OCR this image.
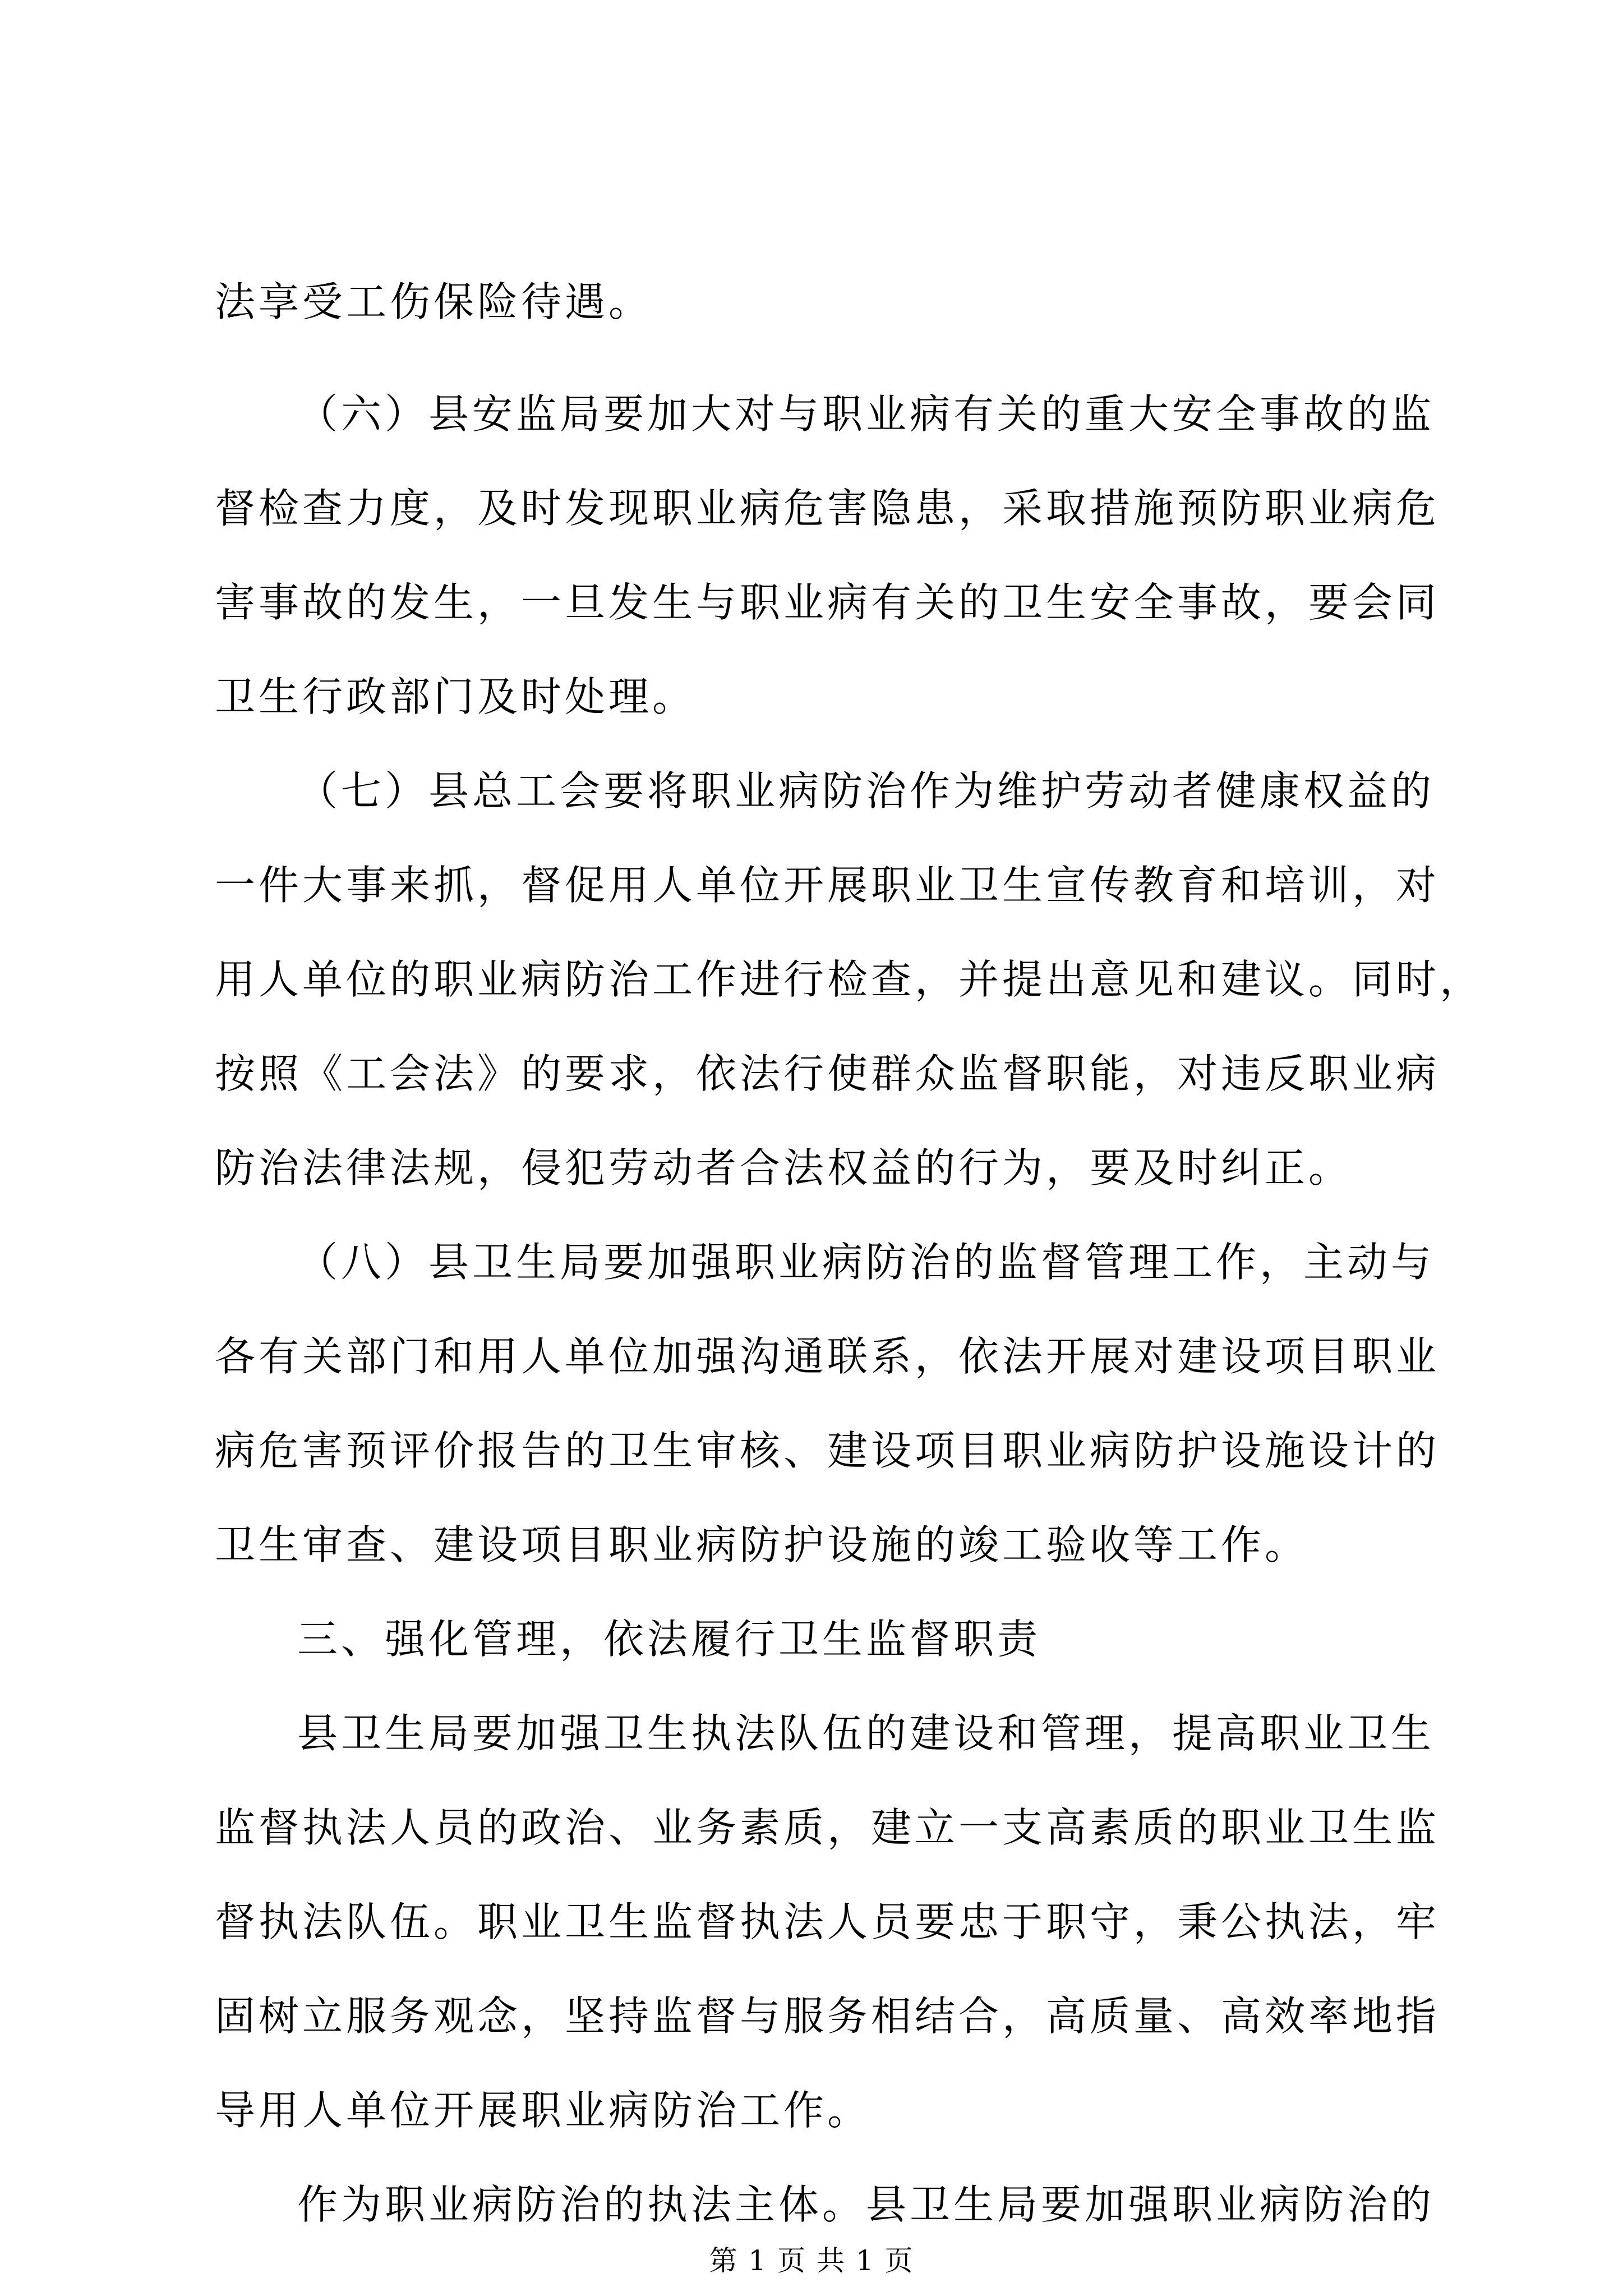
法享受工伤保险待遇。
（六）县安监局要加大对与职业病有关的重大安全事故的监
督检查力度，及时发现职业病危害隐患，采取措施预防职业病危
害事故的发生，一旦发生与职业病有关的卫生安全事故，要会同
卫生行政部门及时处理。
（七）县总工会要将职业病防治作为维护劳动者健康权益的
一件大事来抓，督促用人单位开展职业卫生宣传教育和培训，对
用人单位的职业病防治工作进行检查，并提出意见和建议。同时，
按照《工会法》的要求，依法行使群众监督职能，对违反职业病
防治法律法规，侵犯劳动者合法权益的行为，要及时纠正。
（八）县卫生局要加强职业病防治的监督管理工作，主动与
各有关部门和用人单位加强沟通联系，依法开展对建设项目职业
病危害预评价报告的卫生审核、建设项目职业病防护设施设计的
卫生审查、建设项目职业病防护设施的竣工验收等工作。
三、强化管理，依法履行卫生监督职责
县卫生局要加强卫生执法队伍的建设和管理，提高职业卫生
监督执法人员的政治、业务素质，建立一支高素质的职业卫生监
督执法队伍。职业卫生监督执法人员要忠于职守，秉公执法，牢
固树立服务观念，坚持监督与服务相结合，高质量、高效率地指
导用人单位开展职业病防治工作。
作为职业病防治的执法主体。县卫生局要加强职业病防治的
第 1 页 共 1 页
